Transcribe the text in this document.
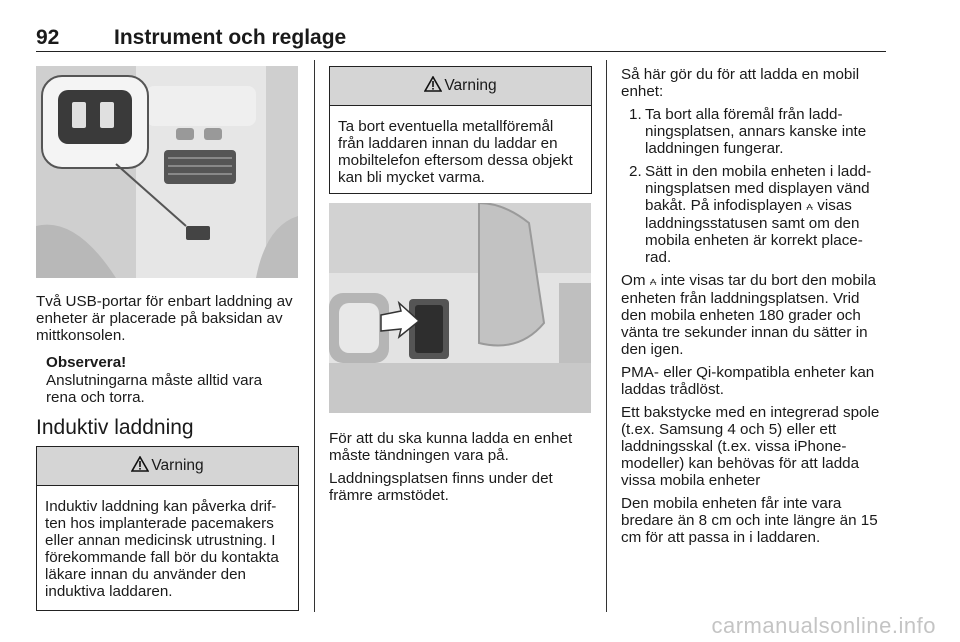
92	Instrument och reglage
Två USB-portar för enbart laddning av enheter är placerade på baksidan av mittkonsolen.
Observera!
Anslutningarna måste alltid vara rena och torra.
Induktiv laddning
Varning
Induktiv laddning kan påverka drif-ten hos implanterade pacemakers eller annan medicinsk utrustning. I förekommande fall bör du kontakta läkare innan du använder den induktiva laddaren.
Varning
Ta bort eventuella metallföremål från laddaren innan du laddar en mobiltelefon eftersom dessa objekt kan bli mycket varma.

För att du ska kunna ladda en enhet måste tändningen vara på.

Laddningsplatsen finns under det främre armstödet.

Så här gör du för att ladda en mobil enhet:

1. Ta bort alla föremål från ladd-ningsplatsen, annars kanske inte laddningen fungerar.
2. Sätt in den mobila enheten i ladd-ningsplatsen med displayen vänd bakåt. På infodisplayen ⩜ visas laddningsstatusen samt om den mobila enheten är korrekt place-rad.

Om ⩜ inte visas tar du bort den mobila enheten från laddningsplatsen. Vrid den mobila enheten 180 grader och vänta tre sekunder innan du sätter in den igen.

PMA- eller Qi-kompatibla enheter kan laddas trådlöst.

Ett bakstycke med en integrerad spole (t.ex. Samsung 4 och 5) eller ett laddningsskal (t.ex. vissa iPhone-modeller) kan behövas för att ladda vissa mobila enheter

Den mobila enheten får inte vara bredare än 8 cm och inte längre än 15 cm för att passa in i laddaren.

carmanualsonline.info
